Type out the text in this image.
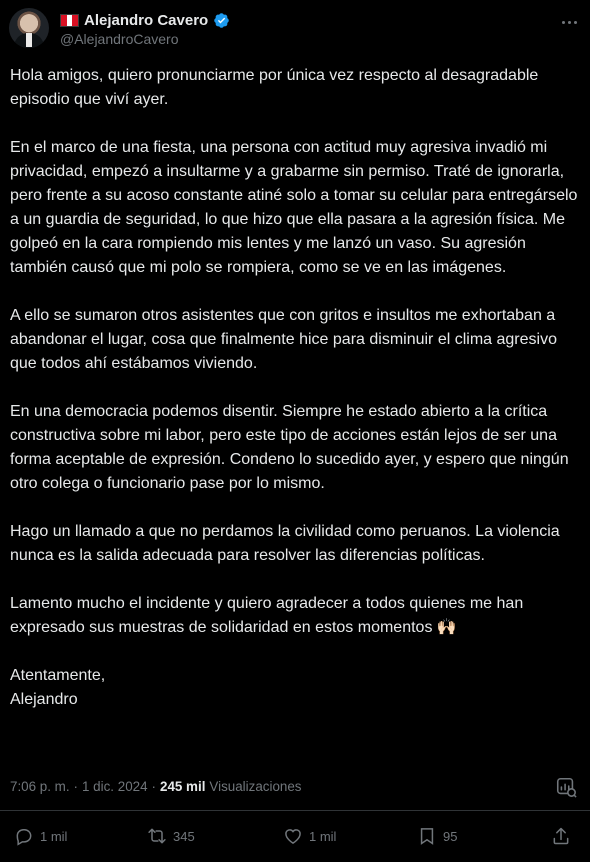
Alejandro Cavero
@AlejandroCavero

Hola amigos, quiero pronunciarme por única vez respecto al desagradable episodio que viví ayer.

En el marco de una fiesta, una persona con actitud muy agresiva invadió mi privacidad, empezó a insultarme y a grabarme sin permiso. Traté de ignorarla, pero frente a su acoso constante atiné solo a tomar su celular para entregárselo a un guardia de seguridad, lo que hizo que ella pasara a la agresión física. Me golpeó en la cara rompiendo mis lentes y me lanzó un vaso. Su agresión también causó que mi polo se rompiera, como se ve en las imágenes.

A ello se sumaron otros asistentes que con gritos e insultos me exhortaban a abandonar el lugar, cosa que finalmente hice para disminuir el clima agresivo que todos ahí estábamos viviendo.

En una democracia podemos disentir. Siempre he estado abierto a la crítica constructiva sobre mi labor, pero este tipo de acciones están lejos de ser una forma aceptable de expresión. Condeno lo sucedido ayer, y espero que ningún otro colega o funcionario pase por lo mismo.

Hago un llamado a que no perdamos la civilidad como peruanos. La violencia nunca es la salida adecuada para resolver las diferencias políticas.

Lamento mucho el incidente y quiero agradecer a todos quienes me han expresado sus muestras de solidaridad en estos momentos 🙌🏻

Atentamente,
Alejandro

7:06 p. m. · 1 dic. 2024 · 245 mil Visualizaciones
1 mil	345	1 mil	95
